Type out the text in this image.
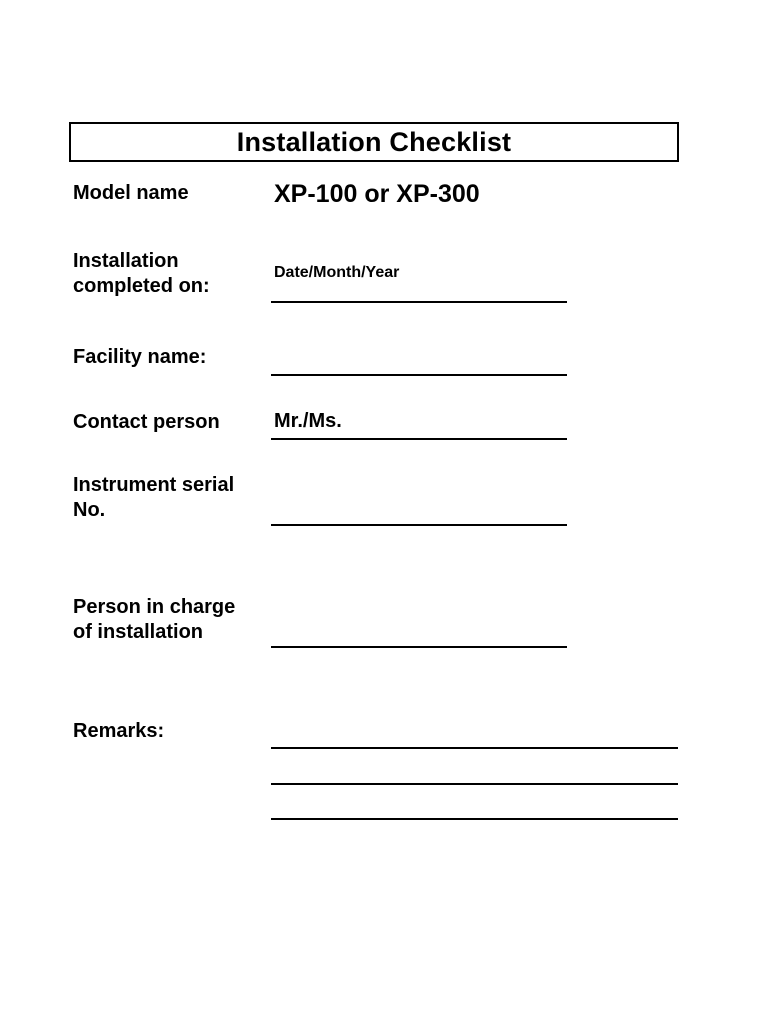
Installation Checklist
Model name	XP-100 or XP-300
Installation
completed on:
Date/Month/Year
Facility name:
Contact person	Mr./Ms.
Instrument serial
No.
Person in charge
of installation
Remarks:
